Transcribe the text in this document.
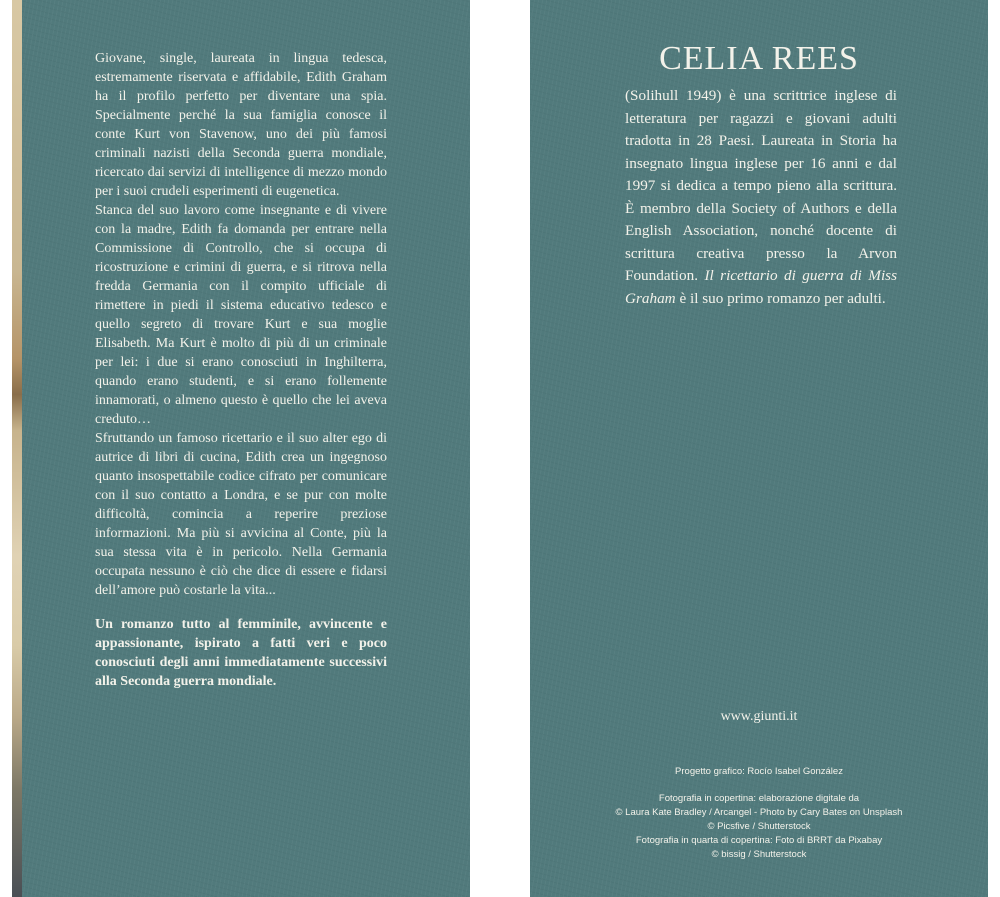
Giovane, single, laureata in lingua tedesca, estremamente riservata e affidabile, Edith Graham ha il profilo perfetto per diventare una spia. Specialmente perché la sua famiglia conosce il conte Kurt von Stavenow, uno dei più famosi criminali nazisti della Seconda guerra mondiale, ricercato dai servizi di intelligence di mezzo mondo per i suoi crudeli esperimenti di eugenetica.

Stanca del suo lavoro come insegnante e di vivere con la madre, Edith fa domanda per entrare nella Commissione di Controllo, che si occupa di ricostruzione e crimini di guerra, e si ritrova nella fredda Germania con il compito ufficiale di rimettere in piedi il sistema educativo tedesco e quello segreto di trovare Kurt e sua moglie Elisabeth. Ma Kurt è molto di più di un criminale per lei: i due si erano conosciuti in Inghilterra, quando erano studenti, e si erano follemente innamorati, o almeno questo è quello che lei aveva creduto…

Sfruttando un famoso ricettario e il suo alter ego di autrice di libri di cucina, Edith crea un ingegnoso quanto insospettabile codice cifrato per comunicare con il suo contatto a Londra, e se pur con molte difficoltà, comincia a reperire preziose informazioni. Ma più si avvicina al Conte, più la sua stessa vita è in pericolo. Nella Germania occupata nessuno è ciò che dice di essere e fidarsi dell’amore può costarle la vita...

Un romanzo tutto al femminile, avvincente e appassionante, ispirato a fatti veri e poco conosciuti degli anni immediatamente successivi alla Seconda guerra mondiale.

CELIA REES

(Solihull 1949) è una scrittrice inglese di letteratura per ragazzi e giovani adulti tradotta in 28 Paesi. Laureata in Storia ha insegnato lingua inglese per 16 anni e dal 1997 si dedica a tempo pieno alla scrittura. È membro della Society of Authors e della English Association, nonché docente di scrittura creativa presso la Arvon Foundation. Il ricettario di guerra di Miss Graham è il suo primo romanzo per adulti.

www.giunti.it
Progetto grafico: Rocío Isabel González
Fotografia in copertina: elaborazione digitale da
© Laura Kate Bradley / Arcangel - Photo by Cary Bates on Unsplash
© Picsfive / Shutterstock
Fotografia in quarta di copertina: Foto di BRRT da Pixabay
© bissig / Shutterstock
